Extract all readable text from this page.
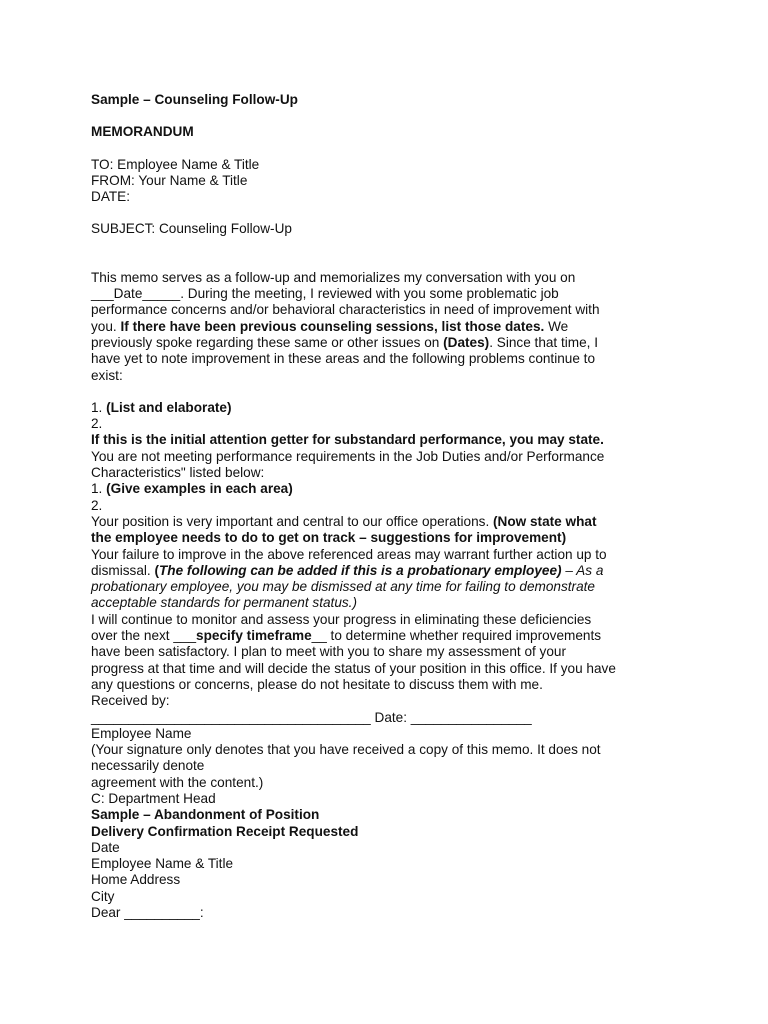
Sample – Counseling Follow-Up
MEMORANDUM
TO: Employee Name & Title
FROM: Your Name & Title
DATE:
SUBJECT: Counseling Follow-Up
This memo serves as a follow-up and memorializes my conversation with you on
___Date_____. During the meeting, I reviewed with you some problematic job
performance concerns and/or behavioral characteristics in need of improvement with
you. If there have been previous counseling sessions, list those dates. We
previously spoke regarding these same or other issues on (Dates). Since that time, I
have yet to note improvement in these areas and the following problems continue to
exist:
1. (List and elaborate)
2.
If this is the initial attention getter for substandard performance, you may state.
You are not meeting performance requirements in the Job Duties and/or Performance
Characteristics" listed below:
1. (Give examples in each area)
2.
Your position is very important and central to our office operations. (Now state what
the employee needs to do to get on track – suggestions for improvement)
Your failure to improve in the above referenced areas may warrant further action up to
dismissal. (The following can be added if this is a probationary employee) – As a
probationary employee, you may be dismissed at any time for failing to demonstrate
acceptable standards for permanent status.)
I will continue to monitor and assess your progress in eliminating these deficiencies
over the next ___specify timeframe__ to determine whether required improvements
have been satisfactory. I plan to meet with you to share my assessment of your
progress at that time and will decide the status of your position in this office. If you have
any questions or concerns, please do not hesitate to discuss them with me.
Received by:
_____________________________________ Date: ________________
Employee Name
(Your signature only denotes that you have received a copy of this memo. It does not
necessarily denote
agreement with the content.)
C: Department Head
Sample – Abandonment of Position
Delivery Confirmation Receipt Requested
Date
Employee Name & Title
Home Address
City
Dear __________:
